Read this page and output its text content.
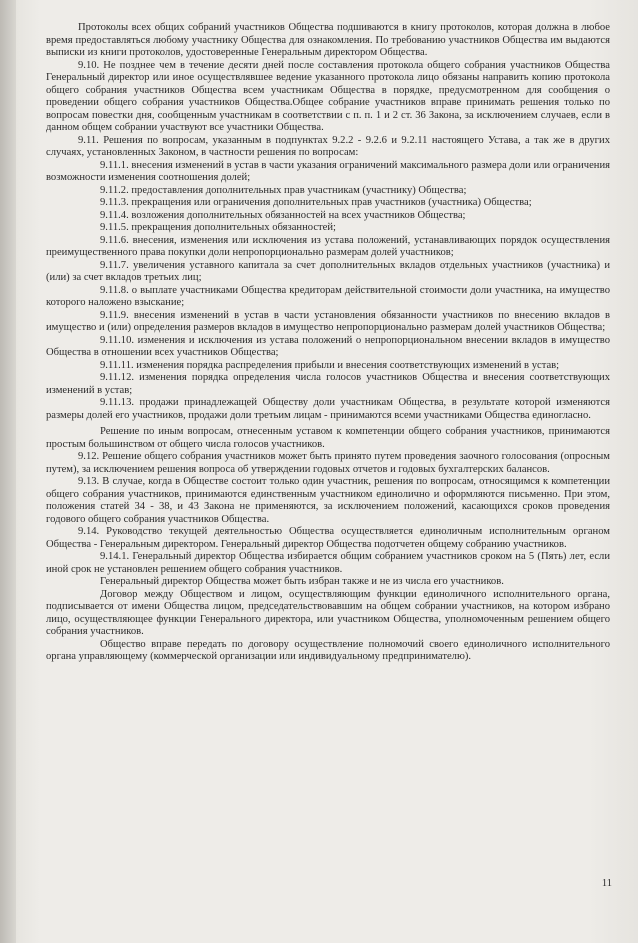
Протоколы всех общих собраний участников Общества подшиваются в книгу протоколов, которая должна в любое время предоставляться любому участнику Общества для ознакомления. По требованию участников Общества им выдаются выписки из книги протоколов, удостоверенные Генеральным директором Общества.

9.10. Не позднее чем в течение десяти дней после составления протокола общего собрания участников Общества Генеральный директор или иное осуществлявшее ведение указанного протокола лицо обязаны направить копию протокола общего собрания участников Общества всем участникам Общества в порядке, предусмотренном для сообщения о проведении общего собрания участников Общества.Общее собрание участников вправе принимать решения только по вопросам повестки дня, сообщенным участникам в соответствии с п. п. 1 и 2 ст. 36 Закона, за исключением случаев, если в данном общем собрании участвуют все участники Общества.

9.11. Решения по вопросам, указанным в подпунктах 9.2.2 - 9.2.6 и 9.2.11 настоящего Устава, а так же в других случаях, установленных Законом, в частности решения по вопросам:

9.11.1. внесения изменений в устав в части указания ограничений максимального размера доли или ограничения возможности изменения соотношения долей;

9.11.2. предоставления дополнительных прав участникам (участнику) Общества;

9.11.3. прекращения или ограничения дополнительных прав участников (участника) Общества;

9.11.4. возложения дополнительных обязанностей на всех участников Общества;

9.11.5. прекращения дополнительных обязанностей;

9.11.6. внесения, изменения или исключения из устава положений, устанавливающих порядок осуществления преимущественного права покупки доли непропорционально размерам долей участников;

9.11.7. увеличения уставного капитала за счет дополнительных вкладов отдельных участников (участника) и (или) за счет вкладов третьих лиц;

9.11.8. о выплате участниками Общества кредиторам действительной стоимости доли участника, на имущество которого наложено взыскание;

9.11.9. внесения изменений в устав в части установления обязанности участников по внесению вкладов в имущество и (или) определения размеров вкладов в имущество непропорционально размерам долей участников Общества;

9.11.10. изменения и исключения из устава положений о непропорциональном внесении вкладов в имущество Общества в отношении всех участников Общества;

9.11.11. изменения порядка распределения прибыли и внесения соответствующих изменений в устав;

9.11.12. изменения порядка определения числа голосов участников Общества и внесения соответствующих изменений в устав;

9.11.13. продажи принадлежащей Обществу доли участникам Общества, в результате которой изменяются размеры долей его участников, продажи доли третьим лицам - принимаются всеми участниками Общества единогласно.

Решение по иным вопросам, отнесенным уставом к компетенции общего собрания участников, принимаются простым большинством от общего числа голосов участников.

9.12. Решение общего собрания участников может быть принято путем проведения заочного голосования (опросным путем), за исключением решения вопроса об утверждении годовых отчетов и годовых бухгалтерских балансов.

9.13. В случае, когда в Обществе состоит только один участник, решения по вопросам, относящимся к компетенции общего собрания участников, принимаются единственным участником единолично и оформляются письменно. При этом, положения статей 34 - 38, и 43 Закона не применяются, за исключением положений, касающихся сроков проведения годового общего собрания участников Общества.

9.14. Руководство текущей деятельностью Общества осуществляется единоличным исполнительным органом Общества - Генеральным директором. Генеральный директор Общества подотчетен общему собранию участников.

9.14.1. Генеральный директор Общества избирается общим собранием участников сроком на 5 (Пять) лет, если иной срок не установлен решением общего собрания участников.

Генеральный директор Общества может быть избран также и не из числа его участников.

Договор между Обществом и лицом, осуществляющим функции единоличного исполнительного органа, подписывается от имени Общества лицом, председательствовавшим на общем собрании участников, на котором избрано лицо, осуществляющее функции Генерального директора, или участником Общества, уполномоченным решением общего собрания участников.

Общество вправе передать по договору осуществление полномочий своего единоличного исполнительного органа управляющему (коммерческой организации или индивидуальному предпринимателю).

11
